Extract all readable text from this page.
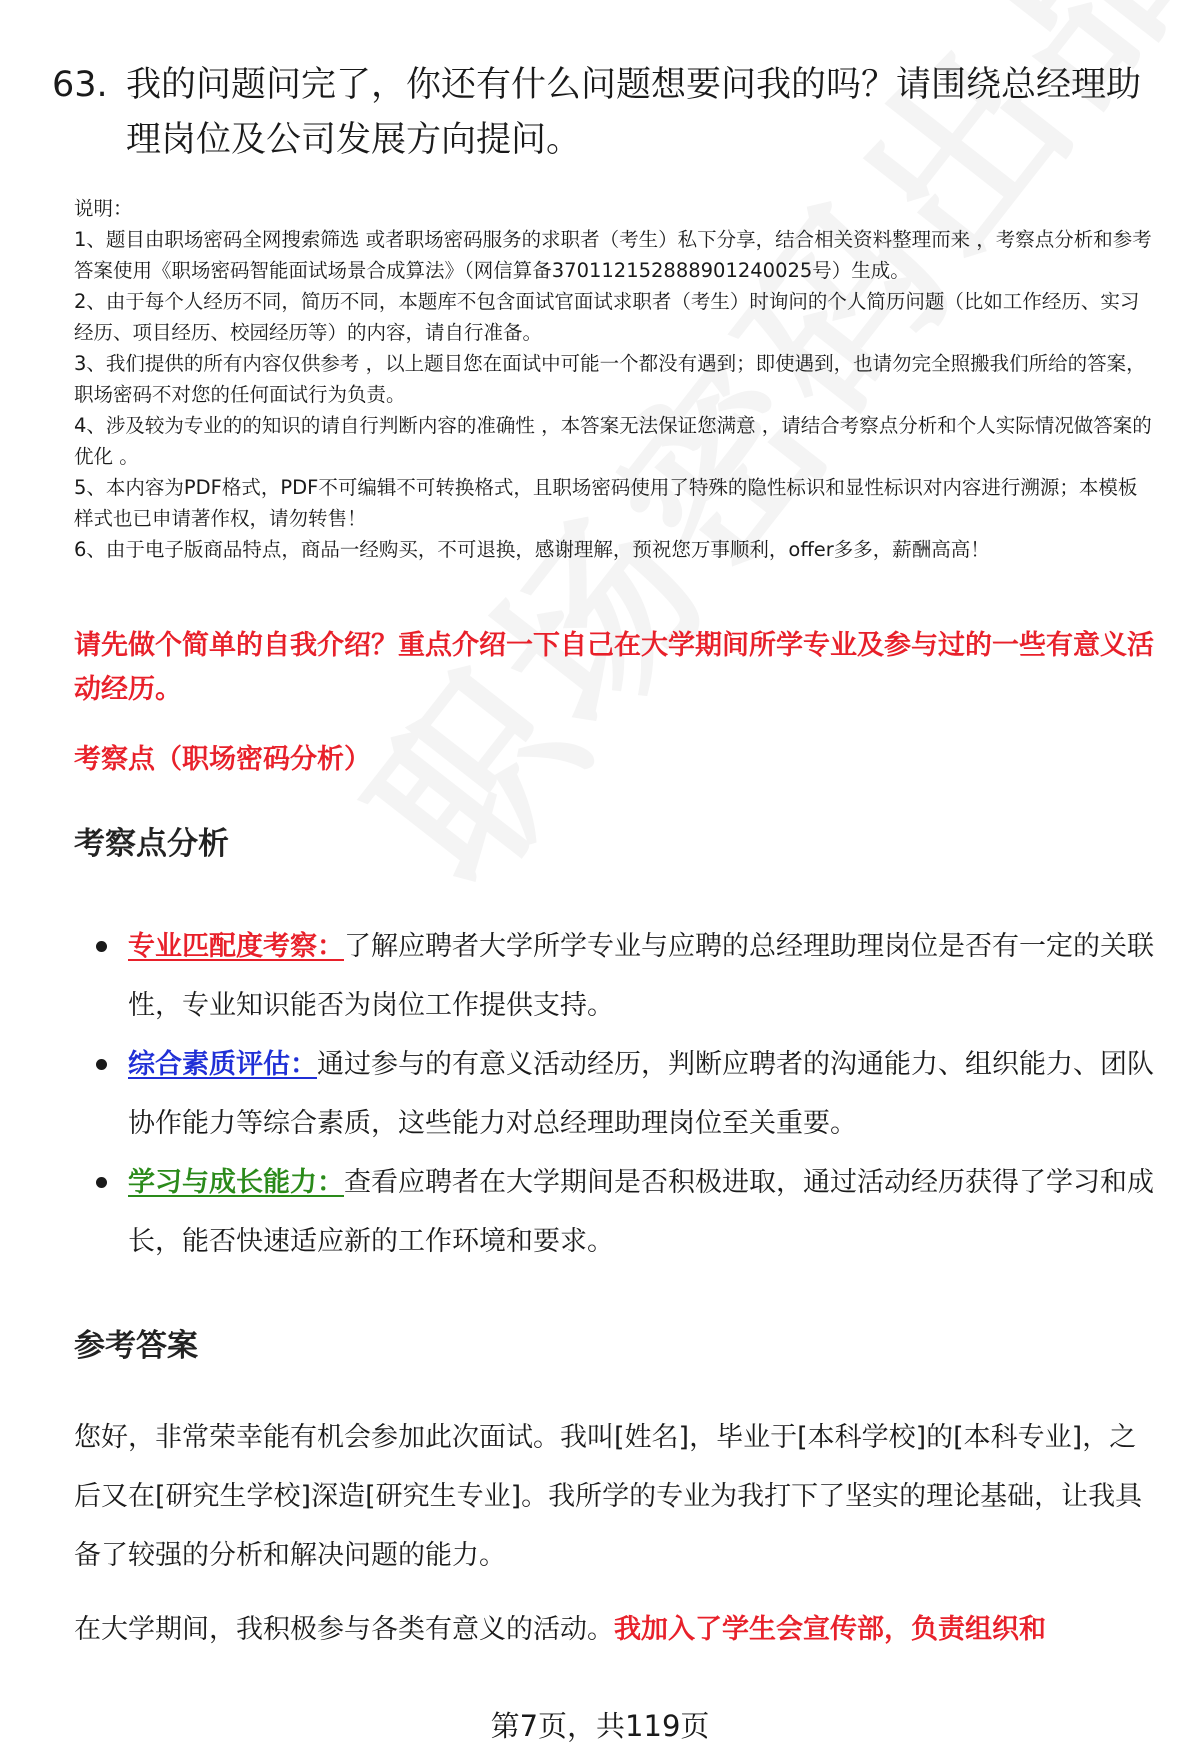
63. 我的问题问完了，你还有什么问题想要问我的吗？请围绕总经理助理岗位及公司发展方向提问。

说明：

1、题目由职场密码全网搜索筛选 或者职场密码服务的求职者（考生）私下分享，结合相关资料整理而来 ，考察点分析和参考答案使用《职场密码智能面试场景合成算法》（网信算备370112152888901240025号）生成。

2、由于每个人经历不同，简历不同，本题库不包含面试官面试求职者（考生）时询问的个人简历问题（比如工作经历、实习经历、项目经历、校园经历等）的内容，请自行准备。

3、我们提供的所有内容仅供参考 ，以上题目您在面试中可能一个都没有遇到；即使遇到，也请勿完全照搬我们所给的答案，职场密码不对您的任何面试行为负责。

4、涉及较为专业的的知识的请自行判断内容的准确性 ，本答案无法保证您满意 ，请结合考察点分析和个人实际情况做答案的优化 。

5、本内容为PDF格式，PDF不可编辑不可转换格式，且职场密码使用了特殊的隐性标识和显性标识对内容进行溯源；本模板样式也已申请著作权，请勿转售！

6、由于电子版商品特点，商品一经购买，不可退换，感谢理解，预祝您万事顺利，offer多多，薪酬高高！

请先做个简单的自我介绍？重点介绍一下自己在大学期间所学专业及参与过的一些有意义活动经历。
考察点（职场密码分析）
考察点分析
专业匹配度考察：了解应聘者大学所学专业与应聘的总经理助理岗位是否有一定的关联性，专业知识能否为岗位工作提供支持。
综合素质评估：通过参与的有意义活动经历，判断应聘者的沟通能力、组织能力、团队协作能力等综合素质，这些能力对总经理助理岗位至关重要。
学习与成长能力：查看应聘者在大学期间是否积极进取，通过活动经历获得了学习和成长，能否快速适应新的工作环境和要求。
参考答案
您好，非常荣幸能有机会参加此次面试。我叫[姓名]，毕业于[本科学校]的[本科专业]，之后又在[研究生学校]深造[研究生专业]。我所学的专业为我打下了坚实的理论基础，让我具备了较强的分析和解决问题的能力。
在大学期间，我积极参与各类有意义的活动。我加入了学生会宣传部，负责组织和
第7页，共119页
